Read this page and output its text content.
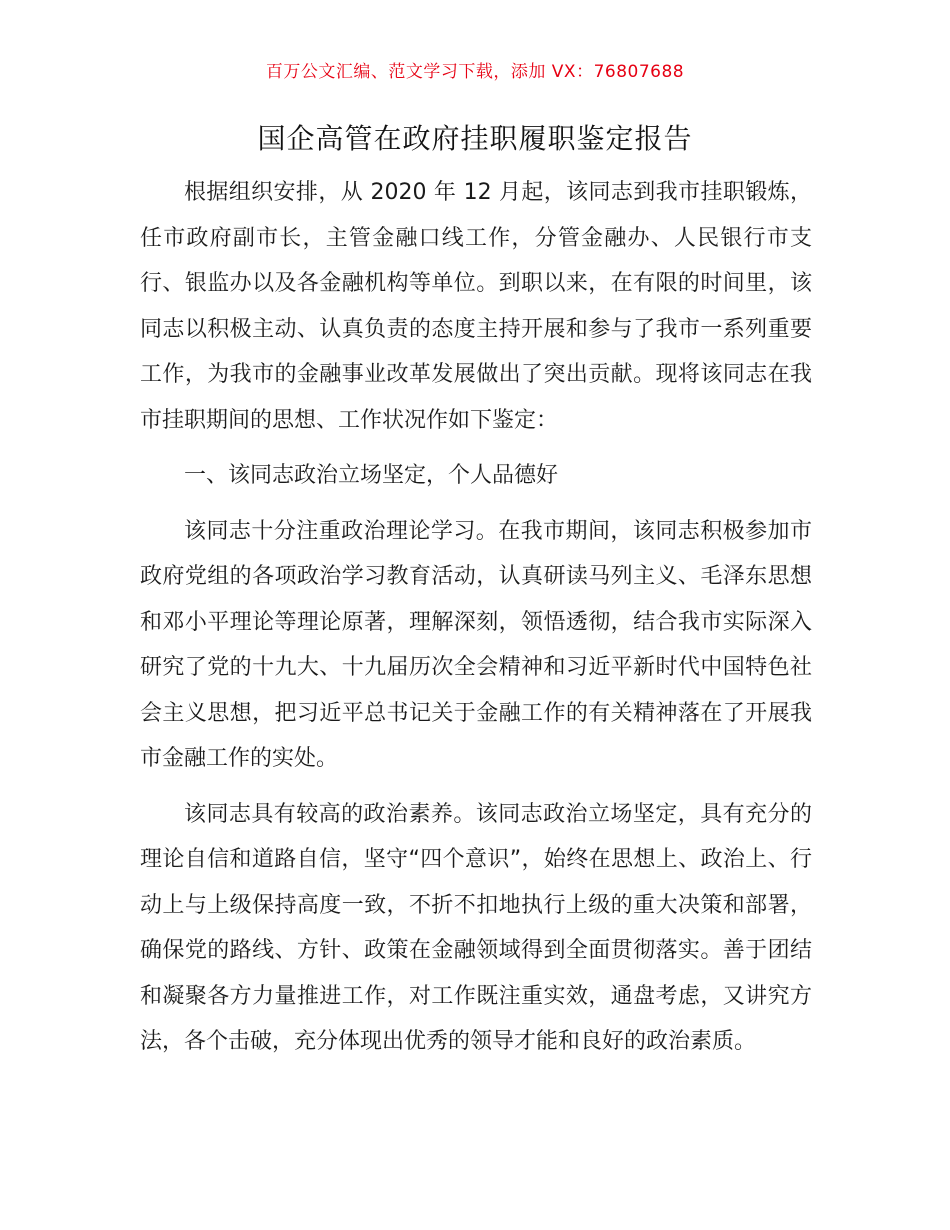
百万公文汇编、范文学习下载，添加 VX：76807688
国企高管在政府挂职履职鉴定报告

根据组织安排，从 2020 年 12 月起，该同志到我市挂职锻炼，任市政府副市长，主管金融口线工作，分管金融办、人民银行市支行、银监办以及各金融机构等单位。到职以来，在有限的时间里，该同志以积极主动、认真负责的态度主持开展和参与了我市一系列重要工作，为我市的金融事业改革发展做出了突出贡献。现将该同志在我市挂职期间的思想、工作状况作如下鉴定：

一、该同志政治立场坚定，个人品德好

该同志十分注重政治理论学习。在我市期间，该同志积极参加市政府党组的各项政治学习教育活动，认真研读马列主义、毛泽东思想和邓小平理论等理论原著，理解深刻，领悟透彻，结合我市实际深入研究了党的十九大、十九届历次全会精神和习近平新时代中国特色社会主义思想，把习近平总书记关于金融工作的有关精神落在了开展我市金融工作的实处。

该同志具有较高的政治素养。该同志政治立场坚定，具有充分的理论自信和道路自信，坚守“四个意识”，始终在思想上、政治上、行动上与上级保持高度一致，不折不扣地执行上级的重大决策和部署，确保党的路线、方针、政策在金融领域得到全面贯彻落实。善于团结和凝聚各方力量推进工作，对工作既注重实效，通盘考虑，又讲究方法，各个击破，充分体现出优秀的领导才能和良好的政治素质。
